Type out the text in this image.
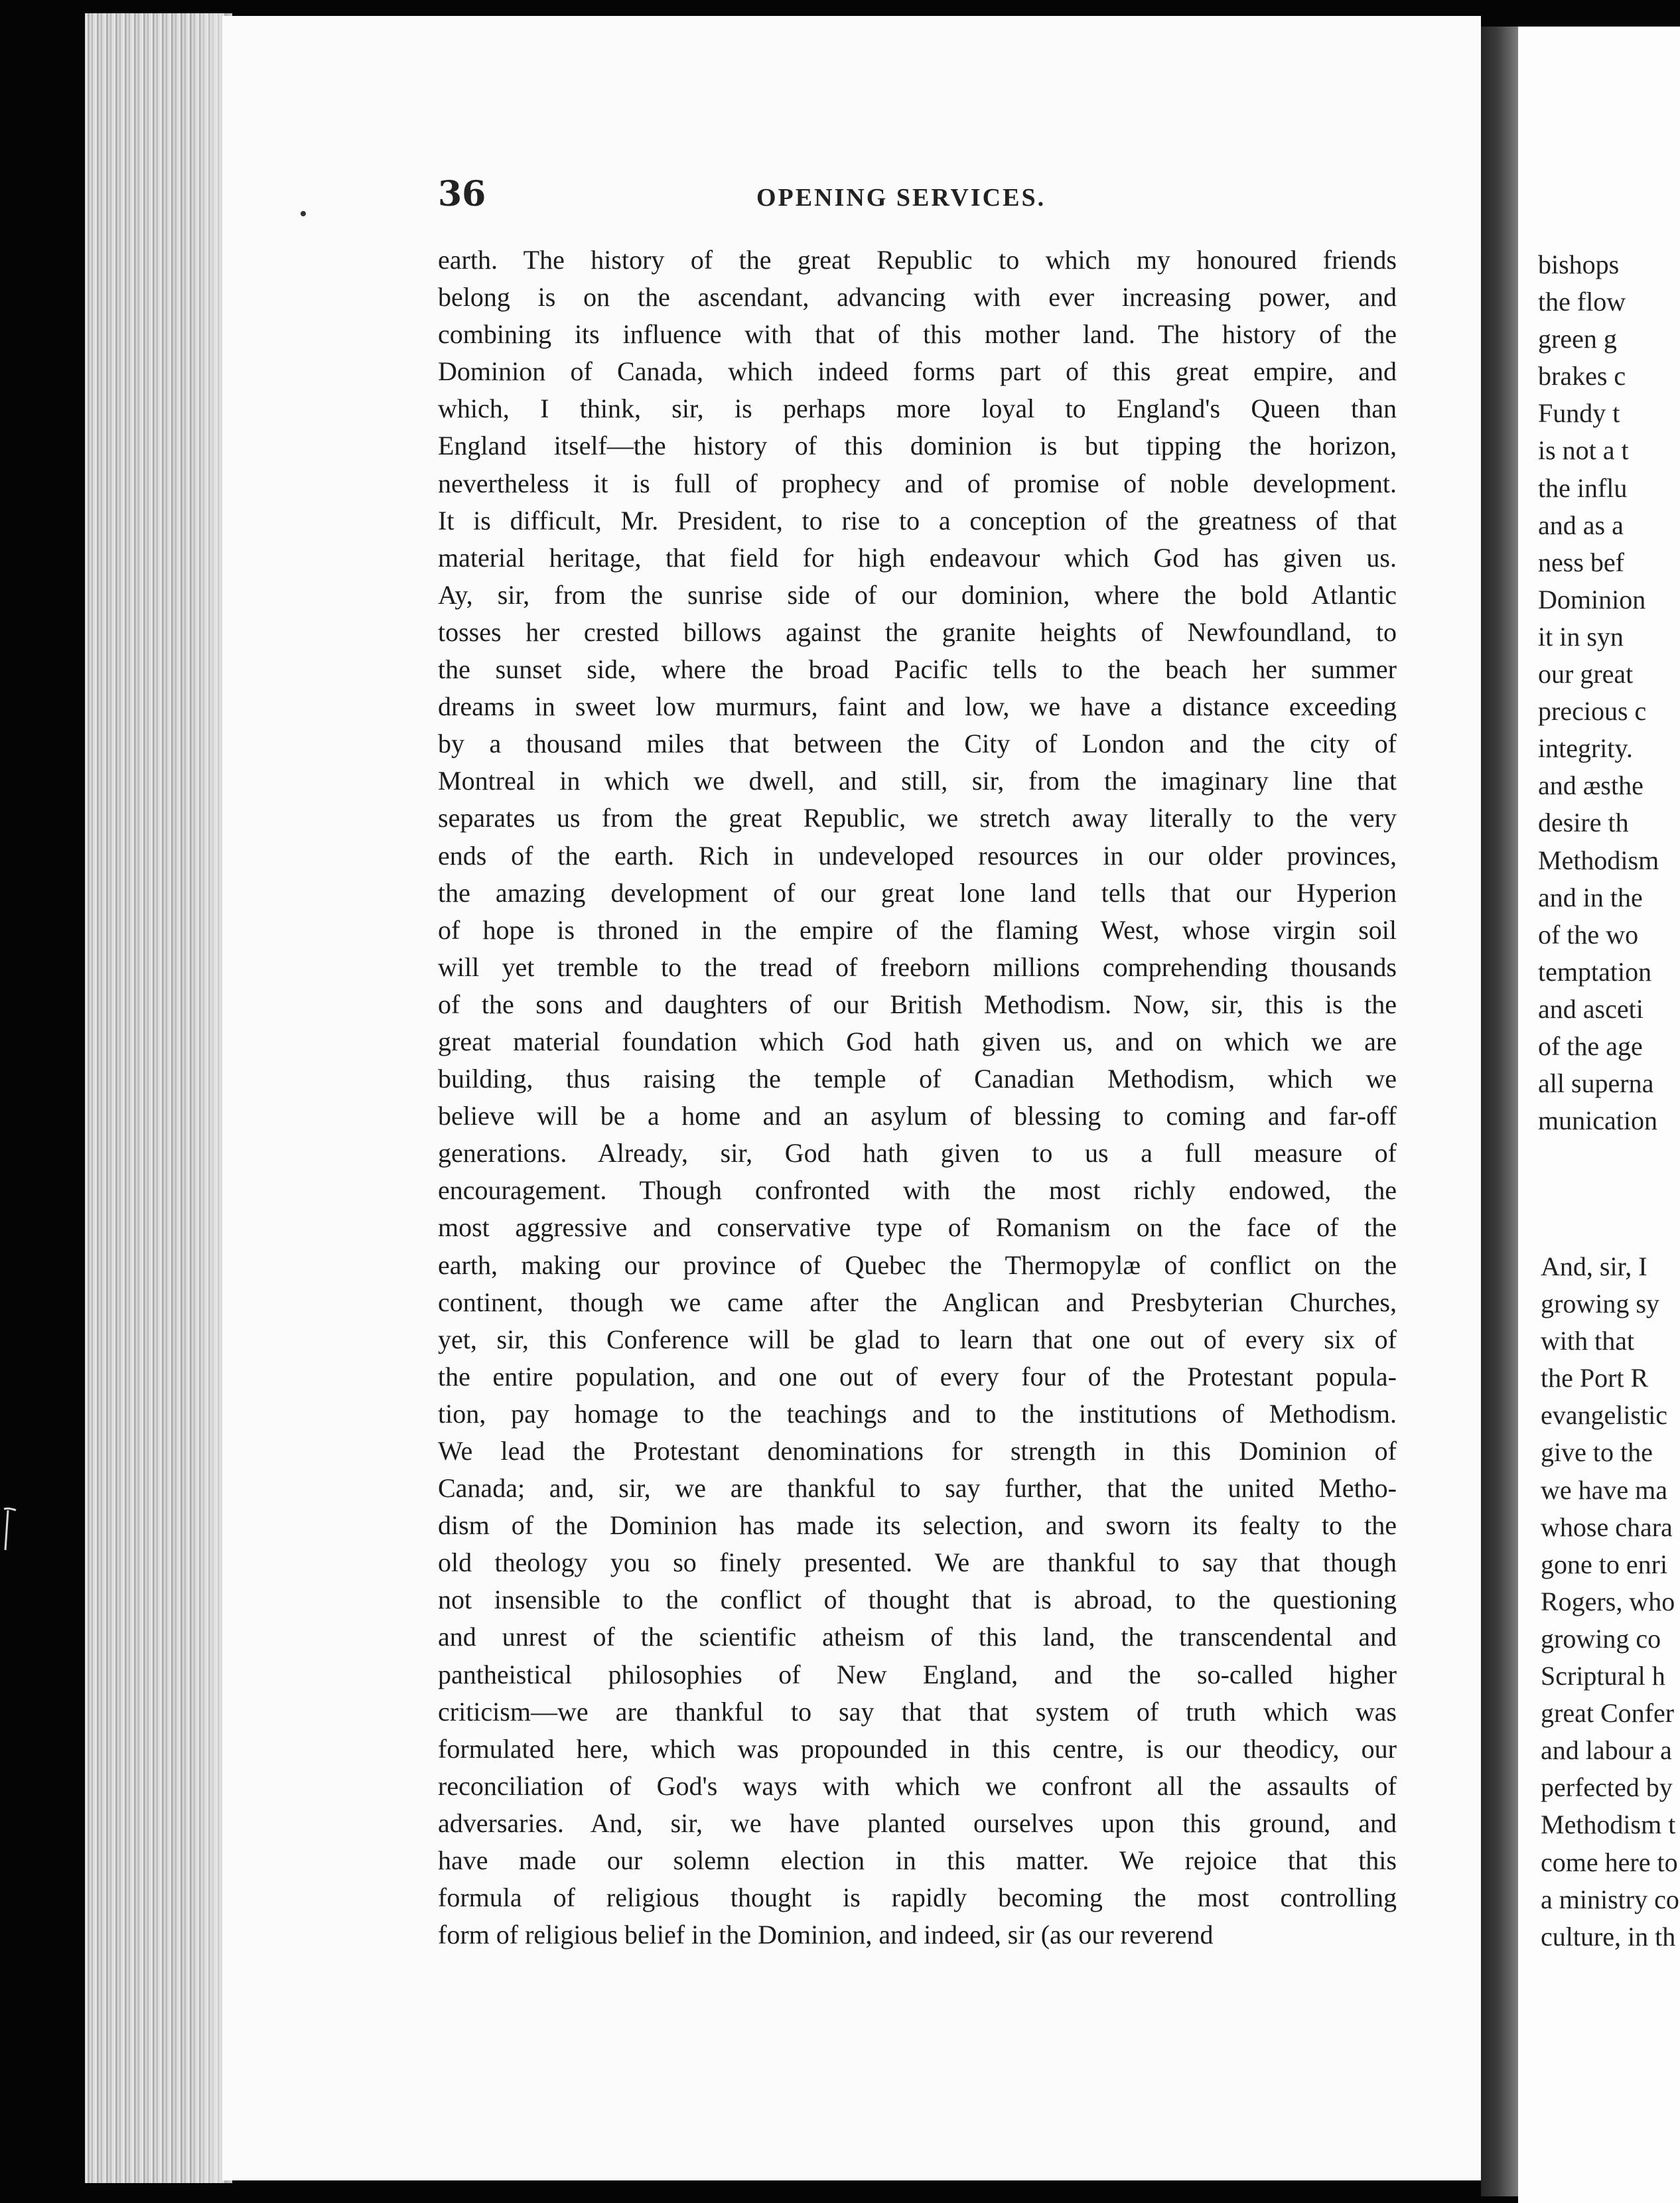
36	OPENING SERVICES.
earth. The history of the great Republic to which my honoured friends
belong is on the ascendant, advancing with ever increasing power, and
combining its influence with that of this mother land. The history of the
Dominion of Canada, which indeed forms part of this great empire, and
which, I think, sir, is perhaps more loyal to England's Queen than
England itself—the history of this dominion is but tipping the horizon,
nevertheless it is full of prophecy and of promise of noble development.
It is difficult, Mr. President, to rise to a conception of the greatness of that
material heritage, that field for high endeavour which God has given us.
Ay, sir, from the sunrise side of our dominion, where the bold Atlantic
tosses her crested billows against the granite heights of Newfoundland, to
the sunset side, where the broad Pacific tells to the beach her summer
dreams in sweet low murmurs, faint and low, we have a distance exceeding
by a thousand miles that between the City of London and the city of
Montreal in which we dwell, and still, sir, from the imaginary line that
separates us from the great Republic, we stretch away literally to the very
ends of the earth. Rich in undeveloped resources in our older provinces,
the amazing development of our great lone land tells that our Hyperion
of hope is throned in the empire of the flaming West, whose virgin soil
will yet tremble to the tread of freeborn millions comprehending thousands
of the sons and daughters of our British Methodism. Now, sir, this is the
great material foundation which God hath given us, and on which we are
building, thus raising the temple of Canadian Methodism, which we
believe will be a home and an asylum of blessing to coming and far-off
generations. Already, sir, God hath given to us a full measure of
encouragement. Though confronted with the most richly endowed, the
most aggressive and conservative type of Romanism on the face of the
earth, making our province of Quebec the Thermopylæ of conflict on the
continent, though we came after the Anglican and Presbyterian Churches,
yet, sir, this Conference will be glad to learn that one out of every six of
the entire population, and one out of every four of the Protestant popula-
tion, pay homage to the teachings and to the institutions of Methodism.
We lead the Protestant denominations for strength in this Dominion of
Canada; and, sir, we are thankful to say further, that the united Metho-
dism of the Dominion has made its selection, and sworn its fealty to the
old theology you so finely presented. We are thankful to say that though
not insensible to the conflict of thought that is abroad, to the questioning
and unrest of the scientific atheism of this land, the transcendental and
pantheistical philosophies of New England, and the so-called higher
criticism—we are thankful to say that that system of truth which was
formulated here, which was propounded in this centre, is our theodicy, our
reconciliation of God's ways with which we confront all the assaults of
adversaries. And, sir, we have planted ourselves upon this ground, and
have made our solemn election in this matter. We rejoice that this
formula of religious thought is rapidly becoming the most controlling
form of religious belief in the Dominion, and indeed, sir (as our reverend
bishops
the flow
green g
brakes c
Fundy t
is not a t
the influ
and as a
ness bef
Dominion
it in syn
our great
precious c
integrity.
and æsthe
desire th
Methodism
and in the
of the wo
temptation
and asceti
of the age
all superna
munication
And, sir, I
growing sy
with that
the Port R
evangelistic
give to the
we have ma
whose chara
gone to enri
Rogers, who
growing co
Scriptural h
great Confer
and labour a
perfected by
Methodism t
come here to
a ministry co
culture, in th
